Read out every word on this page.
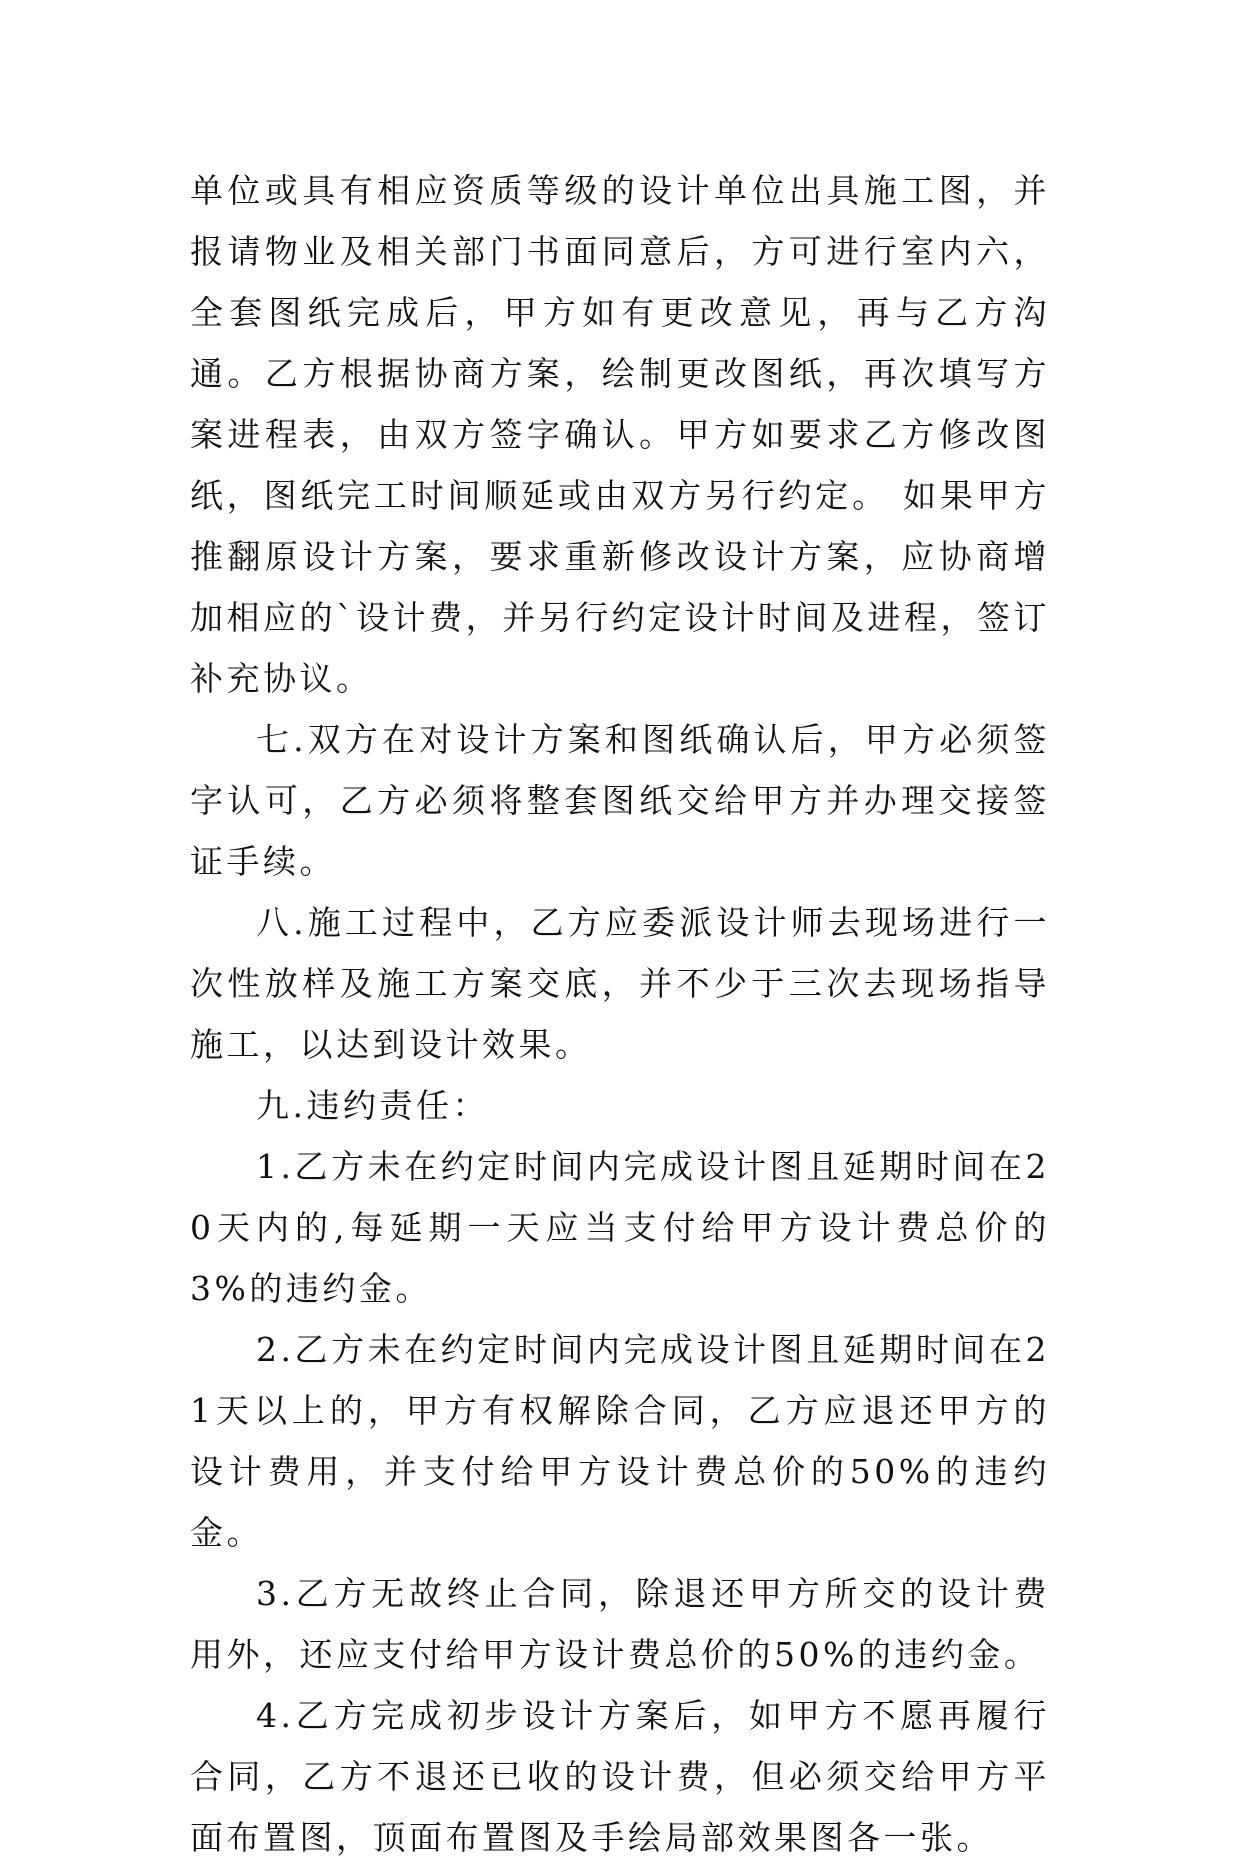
单位或具有相应资质等级的设计单位出具施工图，并报请物业及相关部门书面同意后，方可进行室内六，全套图纸完成后，甲方如有更改意见，再与乙方沟通。乙方根据协商方案，绘制更改图纸，再次填写方案进程表，由双方签字确认。甲方如要求乙方修改图纸，图纸完工时间顺延或由双方另行约定。 如果甲方推翻原设计方案，要求重新修改设计方案，应协商增加相应的`设计费，并另行约定设计时间及进程，签订补充协议。

七.双方在对设计方案和图纸确认后，甲方必须签字认可，乙方必须将整套图纸交给甲方并办理交接签证手续。

八.施工过程中，乙方应委派设计师去现场进行一次性放样及施工方案交底，并不少于三次去现场指导施工，以达到设计效果。

九.违约责任：

1.乙方未在约定时间内完成设计图且延期时间在20天内的,每延期一天应当支付给甲方设计费总价的3%的违约金。

2.乙方未在约定时间内完成设计图且延期时间在21天以上的，甲方有权解除合同，乙方应退还甲方的设计费用，并支付给甲方设计费总价的50%的违约金。

3.乙方无故终止合同，除退还甲方所交的设计费用外，还应支付给甲方设计费总价的50%的违约金。

4.乙方完成初步设计方案后，如甲方不愿再履行合同，乙方不退还已收的设计费，但必须交给甲方平面布置图，顶面布置图及手绘局部效果图各一张。
